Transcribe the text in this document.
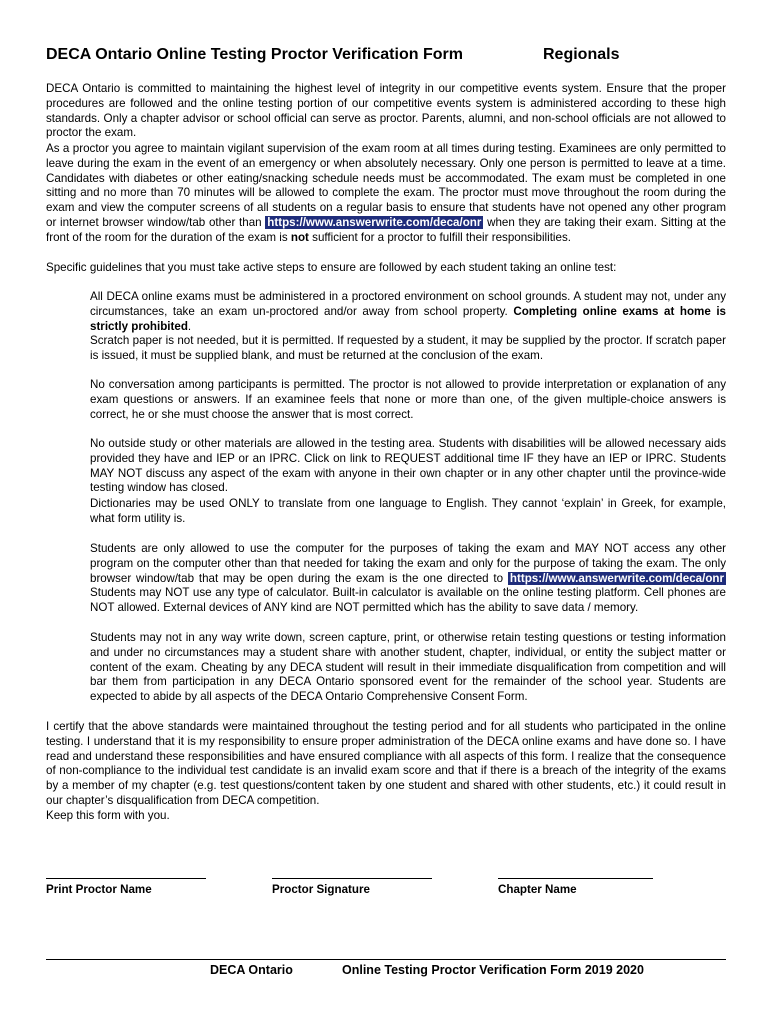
DECA Ontario Online Testing Proctor Verification Form	Regionals

DECA Ontario is committed to maintaining the highest level of integrity in our competitive events system. Ensure that the proper procedures are followed and the online testing portion of our competitive events system is administered according to these high standards. Only a chapter advisor or school official can serve as proctor. Parents, alumni, and non-school officials are not allowed to proctor the exam.

As a proctor you agree to maintain vigilant supervision of the exam room at all times during testing. Examinees are only permitted to leave during the exam in the event of an emergency or when absolutely necessary. Only one person is permitted to leave at a time. Candidates with diabetes or other eating/snacking schedule needs must be accommodated. The exam must be completed in one sitting and no more than 70 minutes will be allowed to complete the exam. The proctor must move throughout the room during the exam and view the computer screens of all students on a regular basis to ensure that students have not opened any other program or internet browser window/tab other than https://www.answerwrite.com/deca/onr when they are taking their exam. Sitting at the front of the room for the duration of the exam is not sufficient for a proctor to fulfill their responsibilities.

Specific guidelines that you must take active steps to ensure are followed by each student taking an online test:

All DECA online exams must be administered in a proctored environment on school grounds. A student may not, under any circumstances, take an exam un-proctored and/or away from school property. Completing online exams at home is strictly prohibited.

Scratch paper is not needed, but it is permitted. If requested by a student, it may be supplied by the proctor. If scratch paper is issued, it must be supplied blank, and must be returned at the conclusion of the exam.

No conversation among participants is permitted. The proctor is not allowed to provide interpretation or explanation of any exam questions or answers. If an examinee feels that none or more than one, of the given multiple-choice answers is correct, he or she must choose the answer that is most correct.

No outside study or other materials are allowed in the testing area. Students with disabilities will be allowed necessary aids provided they have and IEP or an IPRC. Click on link to REQUEST additional time IF they have an IEP or IPRC. Students MAY NOT discuss any aspect of the exam with anyone in their own chapter or in any other chapter until the province-wide testing window has closed.

Dictionaries may be used ONLY to translate from one language to English. They cannot ‘explain’ in Greek, for example, what form utility is.

Students are only allowed to use the computer for the purposes of taking the exam and MAY NOT access any other program on the computer other than that needed for taking the exam and only for the purpose of taking the exam. The only browser window/tab that may be open during the exam is the one directed to https://www.answerwrite.com/deca/onr Students may NOT use any type of calculator. Built-in calculator is available on the online testing platform. Cell phones are NOT allowed. External devices of ANY kind are NOT permitted which has the ability to save data / memory.

Students may not in any way write down, screen capture, print, or otherwise retain testing questions or testing information and under no circumstances may a student share with another student, chapter, individual, or entity the subject matter or content of the exam. Cheating by any DECA student will result in their immediate disqualification from competition and will bar them from participation in any DECA Ontario sponsored event for the remainder of the school year. Students are expected to abide by all aspects of the DECA Ontario Comprehensive Consent Form.

I certify that the above standards were maintained throughout the testing period and for all students who participated in the online testing. I understand that it is my responsibility to ensure proper administration of the DECA online exams and have done so. I have read and understand these responsibilities and have ensured compliance with all aspects of this form. I realize that the consequence of non-compliance to the individual test candidate is an invalid exam score and that if there is a breach of the integrity of the exams by a member of my chapter (e.g. test questions/content taken by one student and shared with other students, etc.) it could result in our chapter’s disqualification from DECA competition.

Keep this form with you.

Print Proctor Name	Proctor Signature	Chapter Name
DECA Ontario	Online Testing Proctor Verification Form 2019 2020
